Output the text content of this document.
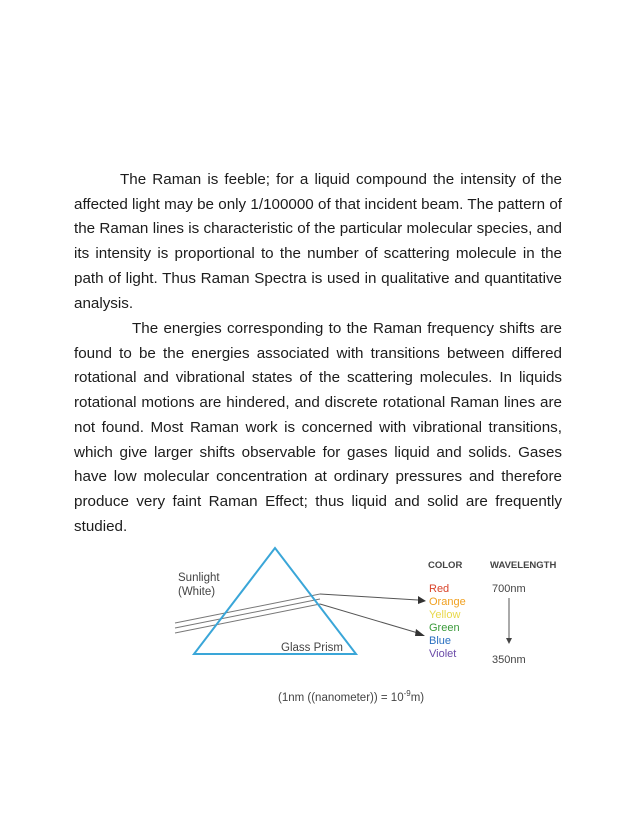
The Raman is feeble; for a liquid compound the intensity of the affected light may be only 1/100000 of that incident beam. The pattern of the Raman lines is characteristic of the particular molecular species, and its intensity is proportional to the number of scattering molecule in the path of light. Thus Raman Spectra is used in qualitative and quantitative analysis.

The energies corresponding to the Raman frequency shifts are found to be the energies associated with transitions between differed rotational and vibrational states of the scattering molecules. In liquids rotational motions are hindered, and discrete rotational Raman lines are not found. Most Raman work is concerned with vibrational transitions, which give larger shifts observable for gases liquid and solids. Gases have low molecular concentration at ordinary pressures and therefore produce very faint Raman Effect; thus liquid and solid are frequently studied.

Sunlight
(White)
Glass Prism
COLOR	WAVELENGTH
Red
Orange
Yellow
Green
Blue
Violet
700nm
350nm
(1nm ((nanometer)) = $10^{-9}m$)
